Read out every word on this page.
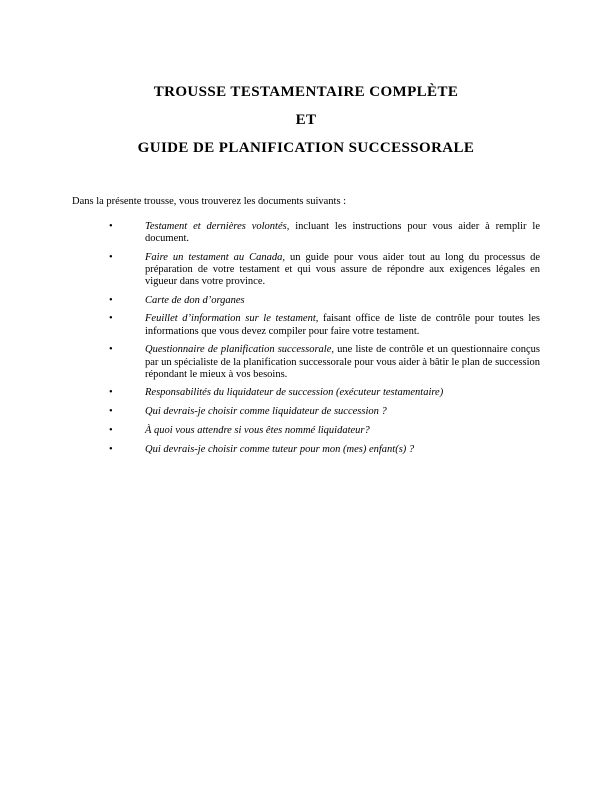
TROUSSE TESTAMENTAIRE COMPLÈTE
ET
GUIDE DE PLANIFICATION SUCCESSORALE

Dans la présente trousse, vous trouverez les documents suivants :

•	Testament et dernières volontés, incluant les instructions pour vous aider à remplir le document.
•	Faire un testament au Canada, un guide pour vous aider tout au long du processus de préparation de votre testament et qui vous assure de répondre aux exigences légales en vigueur dans votre province.
•	Carte de don d’organes
•	Feuillet d’information sur le testament, faisant office de liste de contrôle pour toutes les informations que vous devez compiler pour faire votre testament.
•	Questionnaire de planification successorale, une liste de contrôle et un questionnaire conçus par un spécialiste de la planification successorale pour vous aider à bâtir le plan de succession répondant le mieux à vos besoins.
•	Responsabilités du liquidateur de succession (exécuteur testamentaire)
•	Qui devrais-je choisir comme liquidateur de succession ?
•	À quoi vous attendre si vous êtes nommé liquidateur?
•	Qui devrais-je choisir comme tuteur pour mon (mes) enfant(s) ?
